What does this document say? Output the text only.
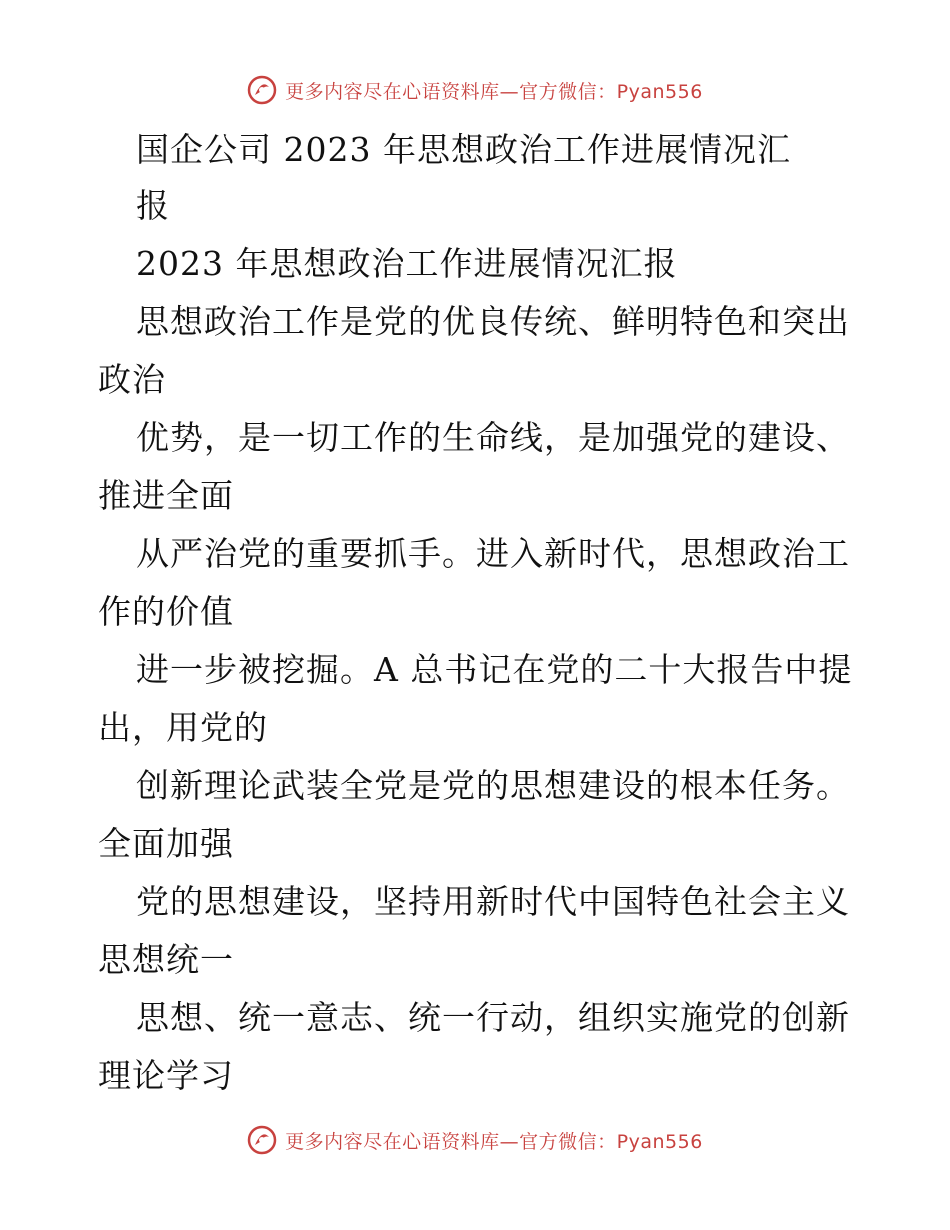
更多内容尽在心语资料库—官方微信：Pyan556
国企公司 2023 年思想政治工作进展情况汇
报
2023 年思想政治工作进展情况汇报
思想政治工作是党的优良传统、鲜明特色和突出
政治
优势，是一切工作的生命线，是加强党的建设、
推进全面
从严治党的重要抓手。进入新时代，思想政治工
作的价值
进一步被挖掘。A 总书记在党的二十大报告中提
出，用党的
创新理论武装全党是党的思想建设的根本任务。
全面加强
党的思想建设，坚持用新时代中国特色社会主义
思想统一
思想、统一意志、统一行动，组织实施党的创新
理论学习
更多内容尽在心语资料库—官方微信：Pyan556
